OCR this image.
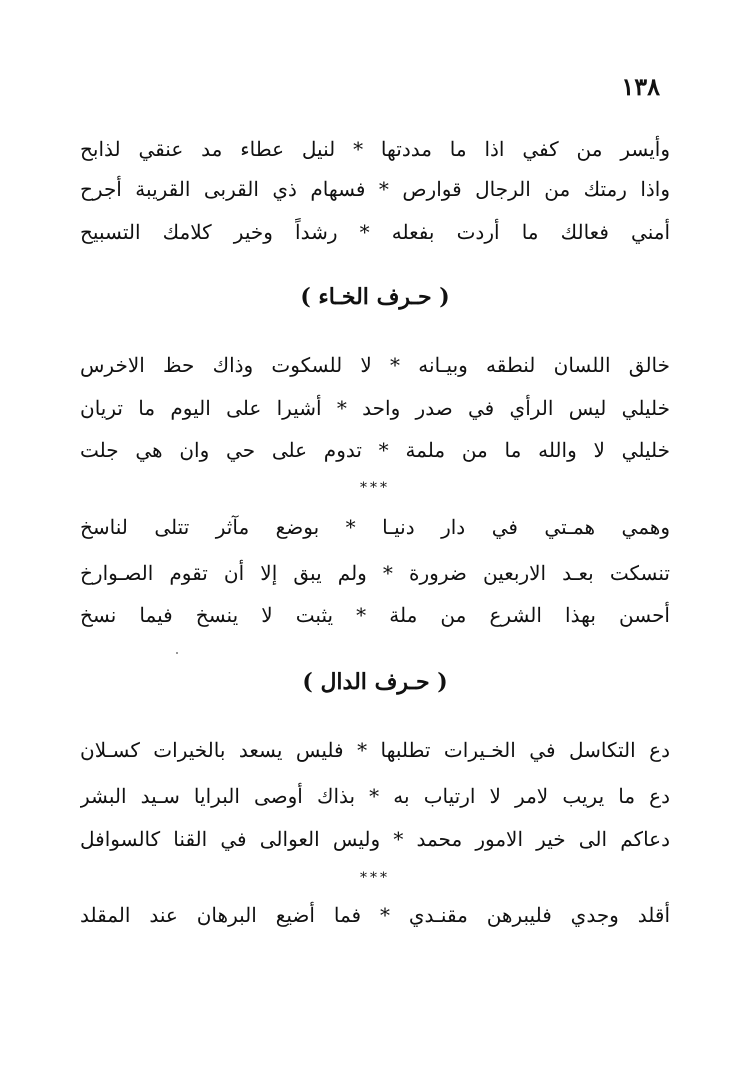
١٣٨
وأيسر من كفي اذا ما مددتها * لنيل عطاء مد عنقي لذابح
واذا رمتك من الرجال قوارص * فسهام ذي القربى القريبة أجرح
أمني فعالك ما أردت بفعله * رشداً وخير كلامك التسبيح
( حـرف الخـاء )
خالق اللسان لنطقه وبيـانه * لا للسكوت وذاك حظ الاخرس
خليلي ليس الرأي في صدر واحد * أشيرا على اليوم ما تريان
خليلي لا والله ما من ملمة * تدوم على حي وان هي جلت
***
وهمي همـتي في دار دنيـا * بوضع مآثر تتلى لناسخ
تنسكت بعـد الاربعين ضرورة * ولم يبق إلا أن تقوم الصـوارخ
أحسن بهذا الشرع من ملة * يثبت لا ينسخ فيما نسخ
( حـرف الدال )
دع التكاسل في الخـيرات تطلبها * فليس يسعد بالخيرات كسـلان
دع ما يريب لامر لا ارتياب به * بذاك أوصى البرايا سـيد البشر
دعاكم الى خير الامور محمد * وليس العوالى في القنا كالسوافل
***
أقلد وجدي فليبرهن مقنـدي * فما أضيع البرهان عند المقلد
